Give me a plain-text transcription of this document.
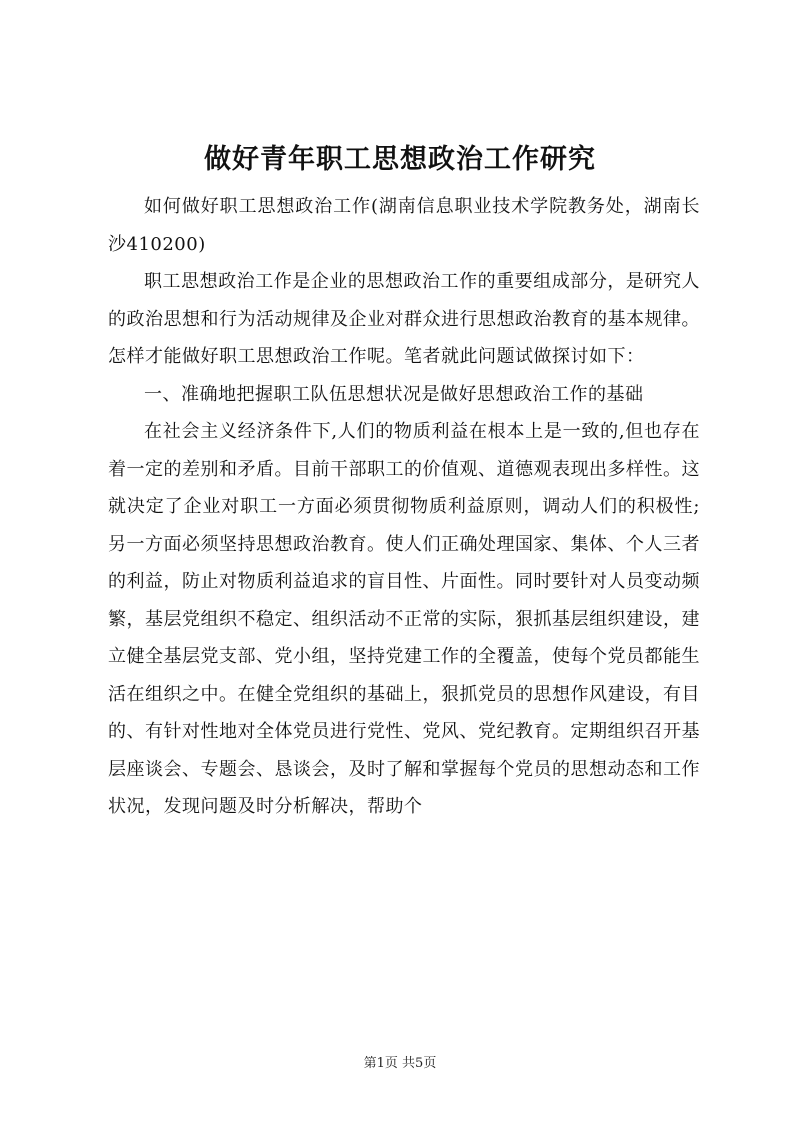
做好青年职工思想政治工作研究

如何做好职工思想政治工作(湖南信息职业技术学院教务处，湖南长沙410200)

职工思想政治工作是企业的思想政治工作的重要组成部分，是研究人的政治思想和行为活动规律及企业对群众进行思想政治教育的基本规律。怎样才能做好职工思想政治工作呢。笔者就此问题试做探讨如下：

一、准确地把握职工队伍思想状况是做好思想政治工作的基础

在社会主义经济条件下,人们的物质利益在根本上是一致的,但也存在着一定的差别和矛盾。目前干部职工的价值观、道德观表现出多样性。这就决定了企业对职工一方面必须贯彻物质利益原则，调动人们的积极性;另一方面必须坚持思想政治教育。使人们正确处理国家、集体、个人三者的利益，防止对物质利益追求的盲目性、片面性。同时要针对人员变动频繁，基层党组织不稳定、组织活动不正常的实际，狠抓基层组织建设，建立健全基层党支部、党小组，坚持党建工作的全覆盖，使每个党员都能生活在组织之中。在健全党组织的基础上，狠抓党员的思想作风建设，有目的、有针对性地对全体党员进行党性、党风、党纪教育。定期组织召开基层座谈会、专题会、恳谈会，及时了解和掌握每个党员的思想动态和工作状况，发现问题及时分析解决，帮助个

第1页 共5页
